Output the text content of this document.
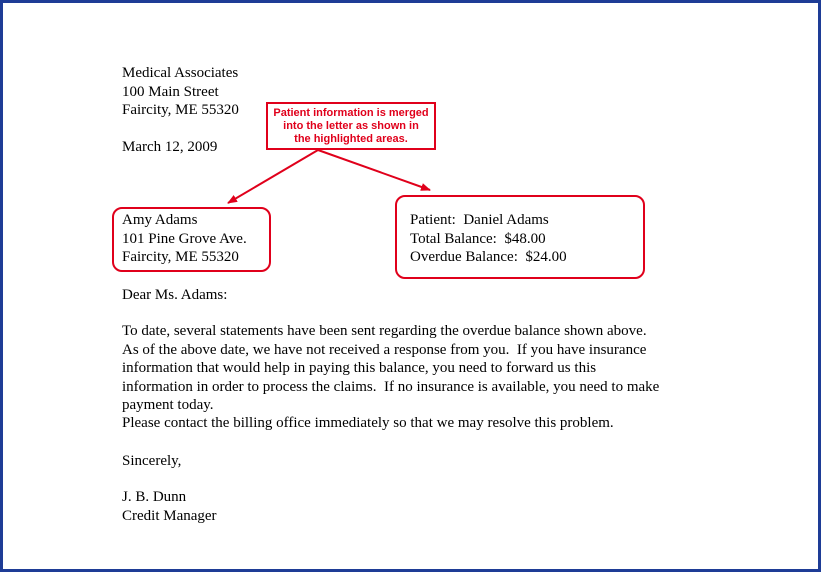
Medical Associates
100 Main Street
Faircity, ME 55320
March 12, 2009
Patient information is merged
into the letter as shown in
the highlighted areas.
Amy Adams
101 Pine Grove Ave.
Faircity, ME 55320
Patient:  Daniel Adams
Total Balance:  $48.00
Overdue Balance:  $24.00
Dear Ms. Adams:
To date, several statements have been sent regarding the overdue balance shown above.
As of the above date, we have not received a response from you.  If you have insurance
information that would help in paying this balance, you need to forward us this
information in order to process the claims.  If no insurance is available, you need to make
payment today.
Please contact the billing office immediately so that we may resolve this problem.
Sincerely,
J. B. Dunn
Credit Manager
